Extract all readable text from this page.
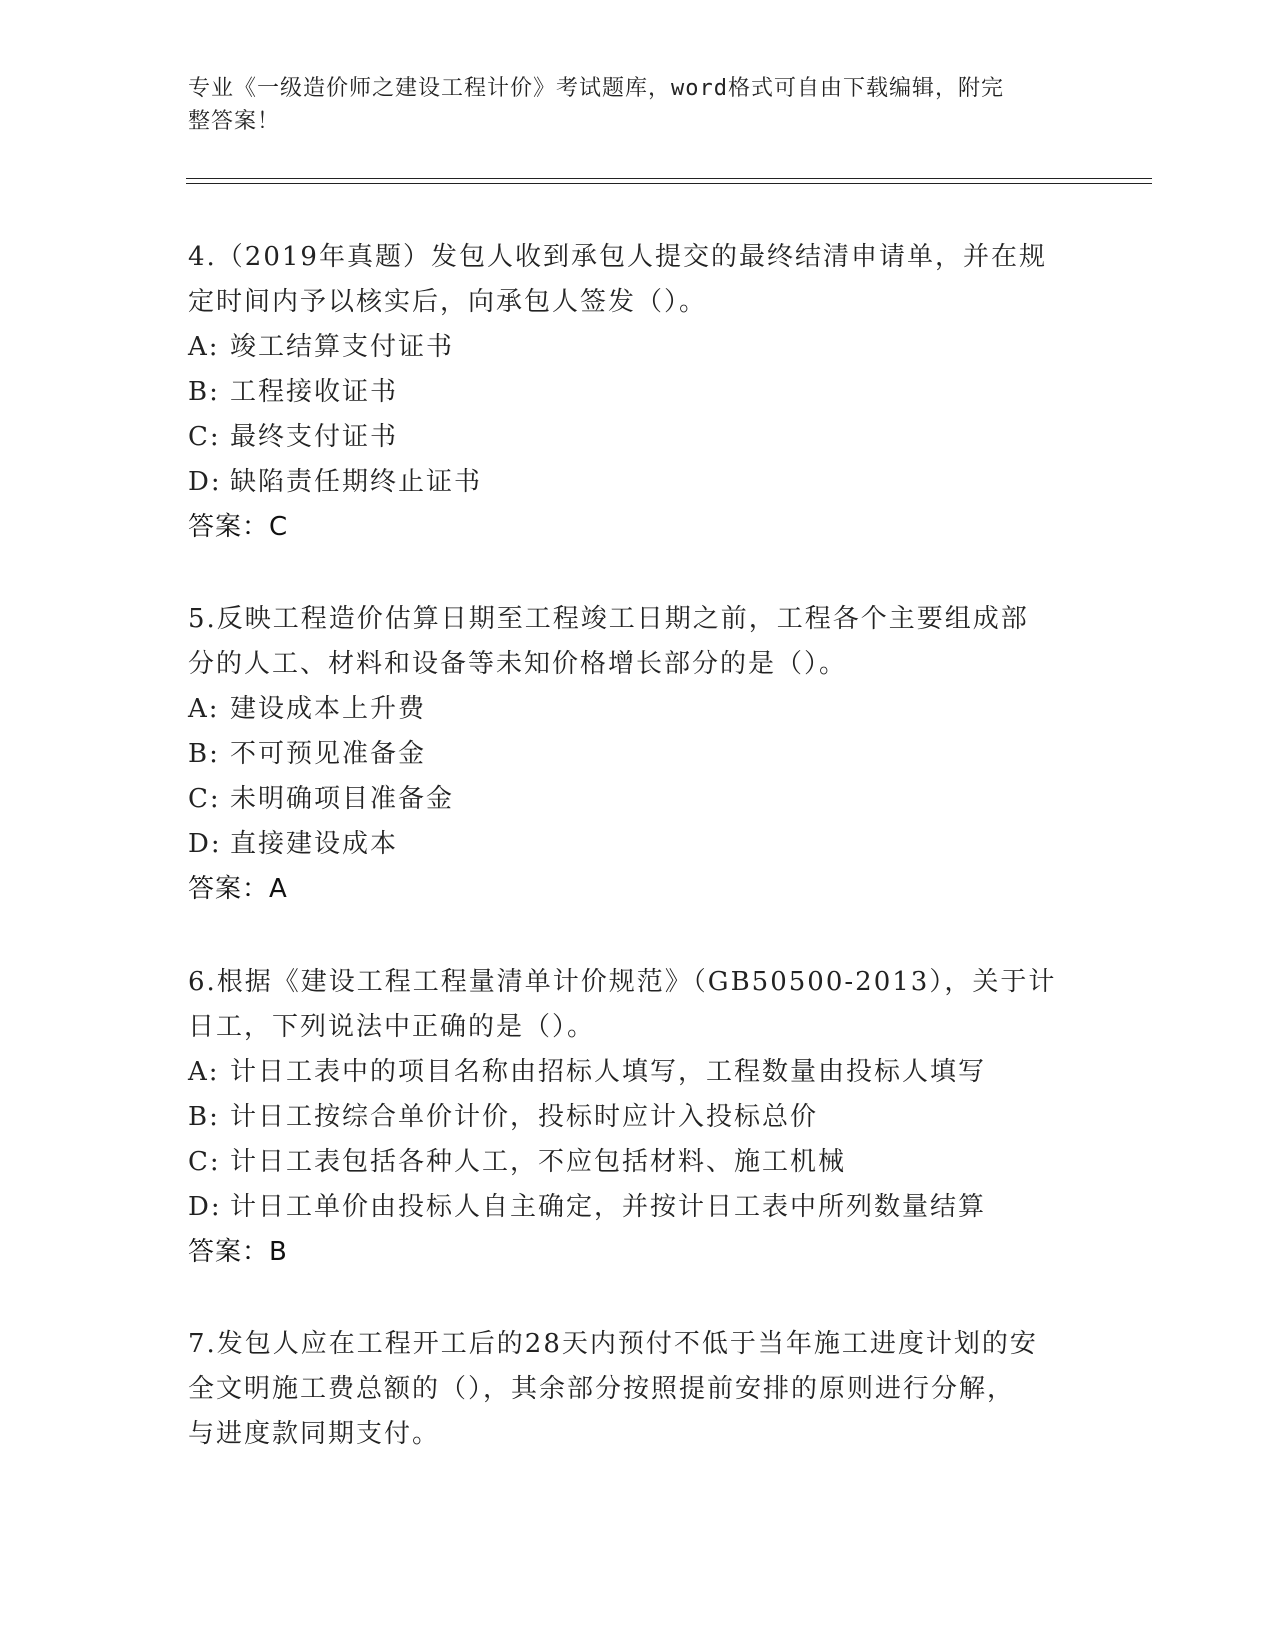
专业《一级造价师之建设工程计价》考试题库，word格式可自由下载编辑，附完
整答案！
4.（2019年真题）发包人收到承包人提交的最终结清申请单，并在规
定时间内予以核实后，向承包人签发（）。
A: 竣工结算支付证书
B: 工程接收证书
C: 最终支付证书
D: 缺陷责任期终止证书
答案：C
5.反映工程造价估算日期至工程竣工日期之前，工程各个主要组成部
分的人工、材料和设备等未知价格增长部分的是（）。
A: 建设成本上升费
B: 不可预见准备金
C: 未明确项目准备金
D: 直接建设成本
答案：A
6.根据《建设工程工程量清单计价规范》（GB50500-2013），关于计
日工，下列说法中正确的是（）。
A: 计日工表中的项目名称由招标人填写，工程数量由投标人填写
B: 计日工按综合单价计价，投标时应计入投标总价
C: 计日工表包括各种人工，不应包括材料、施工机械
D: 计日工单价由投标人自主确定，并按计日工表中所列数量结算
答案：B
7.发包人应在工程开工后的28天内预付不低于当年施工进度计划的安
全文明施工费总额的（），其余部分按照提前安排的原则进行分解，
与进度款同期支付。
